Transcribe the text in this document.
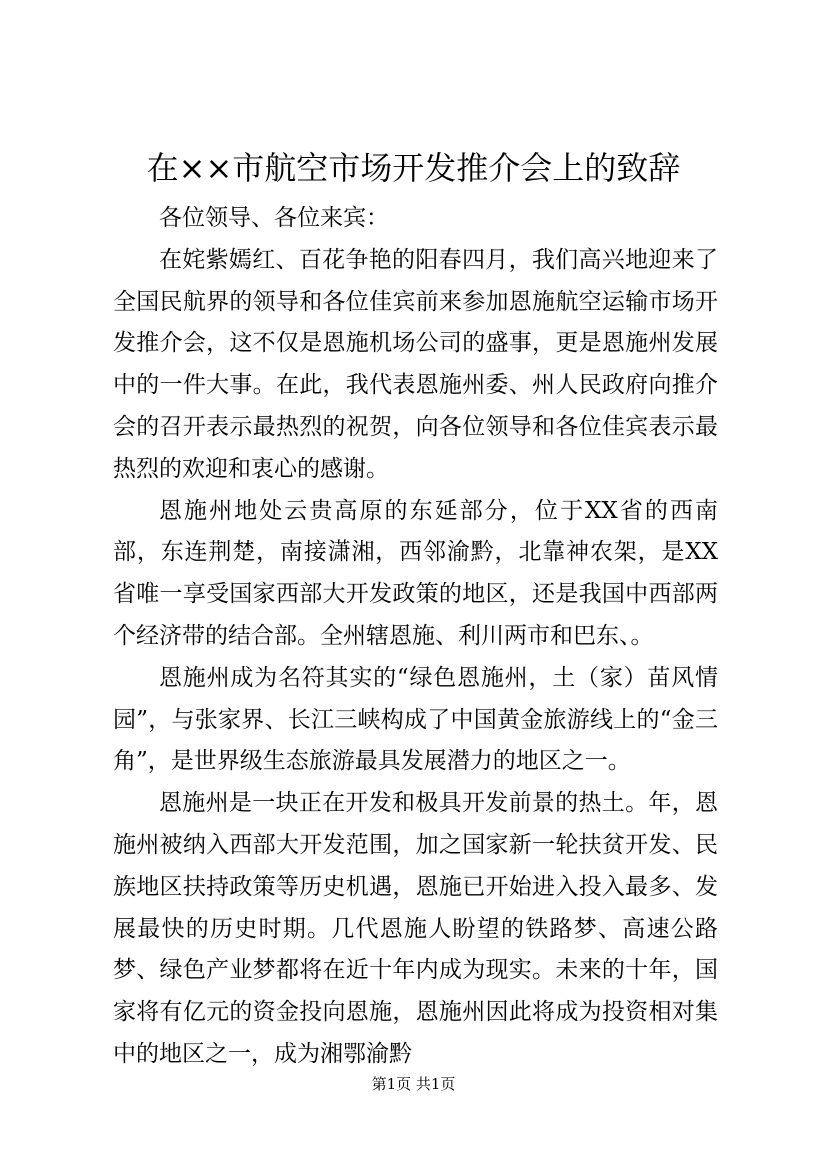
在××市航空市场开发推介会上的致辞

各位领导、各位来宾：

在姹紫嫣红、百花争艳的阳春四月，我们高兴地迎来了全国民航界的领导和各位佳宾前来参加恩施航空运输市场开发推介会，这不仅是恩施机场公司的盛事，更是恩施州发展中的一件大事。在此，我代表恩施州委、州人民政府向推介会的召开表示最热烈的祝贺，向各位领导和各位佳宾表示最热烈的欢迎和衷心的感谢。

恩施州地处云贵高原的东延部分，位于XX省的西南部，东连荆楚，南接潇湘，西邻渝黔，北靠神农架，是XX省唯一享受国家西部大开发政策的地区，还是我国中西部两个经济带的结合部。全州辖恩施、利川两市和巴东、。

恩施州成为名符其实的“绿色恩施州，土（家）苗风情园”，与张家界、长江三峡构成了中国黄金旅游线上的“金三角”，是世界级生态旅游最具发展潜力的地区之一。

恩施州是一块正在开发和极具开发前景的热土。年，恩施州被纳入西部大开发范围，加之国家新一轮扶贫开发、民族地区扶持政策等历史机遇，恩施已开始进入投入最多、发展最快的历史时期。几代恩施人盼望的铁路梦、高速公路梦、绿色产业梦都将在近十年内成为现实。未来的十年，国家将有亿元的资金投向恩施，恩施州因此将成为投资相对集中的地区之一，成为湘鄂渝黔

第1页 共1页
